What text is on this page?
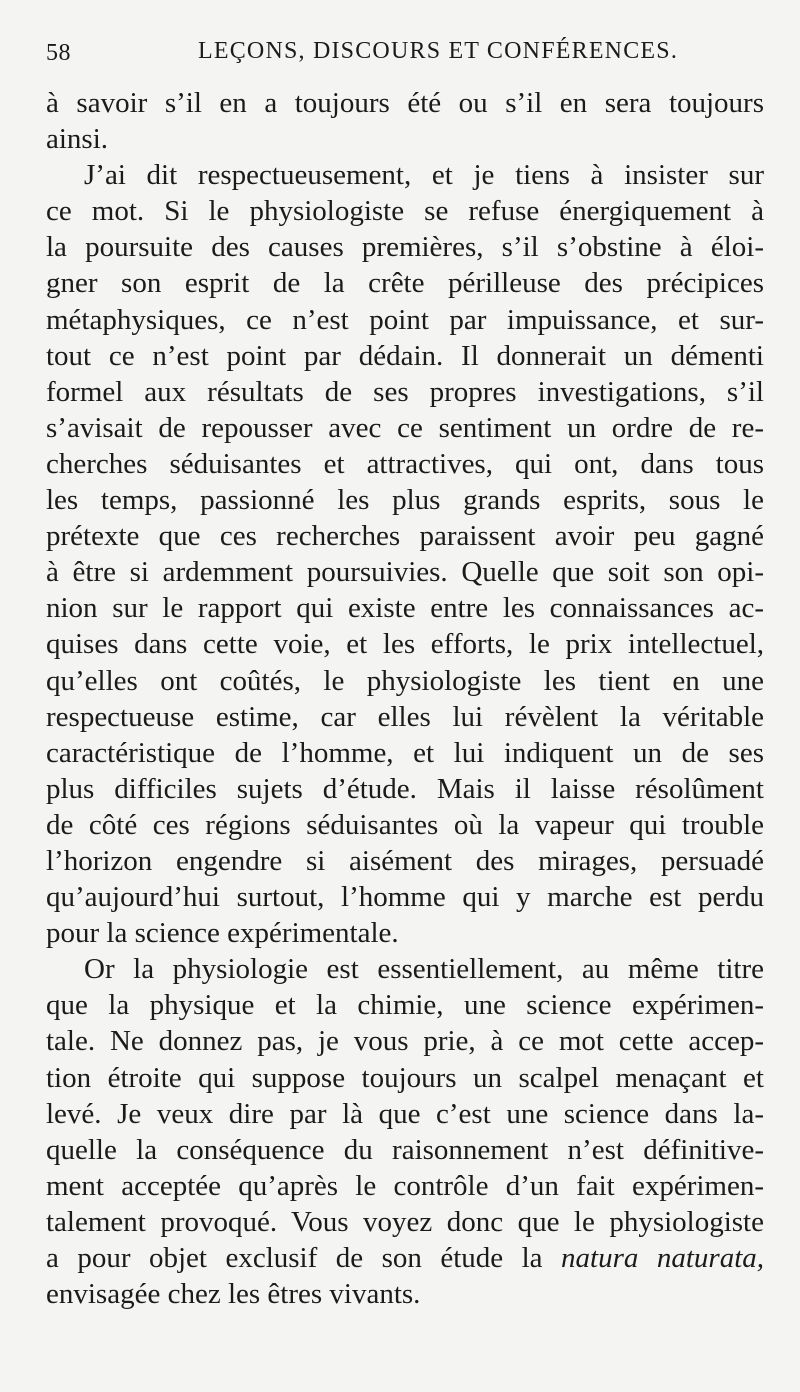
58	LEÇONS, DISCOURS ET CONFÉRENCES.
à savoir s’il en a toujours été ou s’il en sera toujours
ainsi.
J’ai dit respectueusement, et je tiens à insister sur
ce mot. Si le physiologiste se refuse énergiquement à
la poursuite des causes premières, s’il s’obstine à éloi-
gner son esprit de la crête périlleuse des précipices
métaphysiques, ce n’est point par impuissance, et sur-
tout ce n’est point par dédain. Il donnerait un démenti
formel aux résultats de ses propres investigations, s’il
s’avisait de repousser avec ce sentiment un ordre de re-
cherches séduisantes et attractives, qui ont, dans tous
les temps, passionné les plus grands esprits, sous le
prétexte que ces recherches paraissent avoir peu gagné
à être si ardemment poursuivies. Quelle que soit son opi-
nion sur le rapport qui existe entre les connaissances ac-
quises dans cette voie, et les efforts, le prix intellectuel,
qu’elles ont coûtés, le physiologiste les tient en une
respectueuse estime, car elles lui révèlent la véritable
caractéristique de l’homme, et lui indiquent un de ses
plus difficiles sujets d’étude. Mais il laisse résolûment
de côté ces régions séduisantes où la vapeur qui trouble
l’horizon engendre si aisément des mirages, persuadé
qu’aujourd’hui surtout, l’homme qui y marche est perdu
pour la science expérimentale.
Or la physiologie est essentiellement, au même titre
que la physique et la chimie, une science expérimen-
tale. Ne donnez pas, je vous prie, à ce mot cette accep-
tion étroite qui suppose toujours un scalpel menaçant et
levé. Je veux dire par là que c’est une science dans la-
quelle la conséquence du raisonnement n’est définitive-
ment acceptée qu’après le contrôle d’un fait expérimen-
talement provoqué. Vous voyez donc que le physiologiste
a pour objet exclusif de son étude la natura naturata,
envisagée chez les êtres vivants.
